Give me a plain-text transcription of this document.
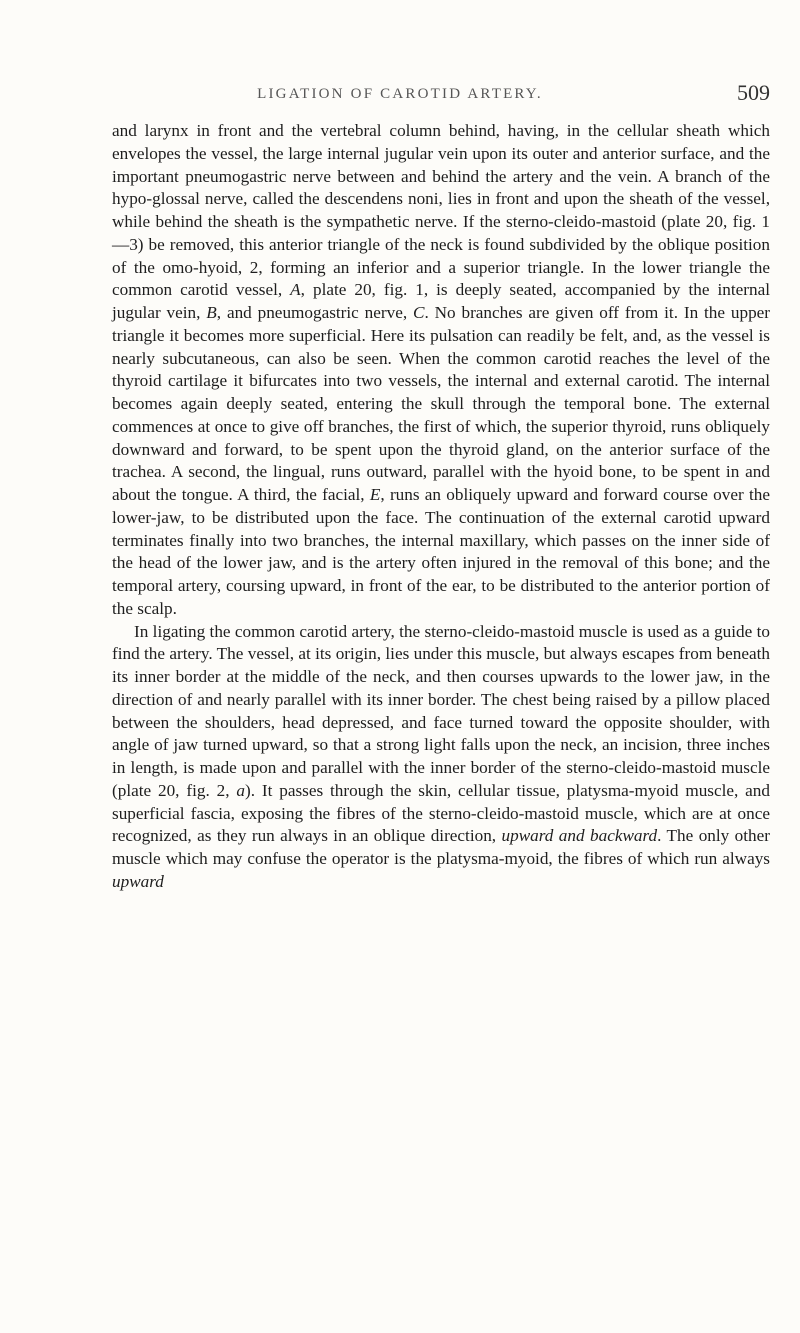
LIGATION OF CAROTID ARTERY.	509

and larynx in front and the vertebral column behind, having, in the cellular sheath which envelopes the vessel, the large internal jugular vein upon its outer and anterior surface, and the important pneumogastric nerve between and behind the artery and the vein. A branch of the hypo-glossal nerve, called the descendens noni, lies in front and upon the sheath of the vessel, while behind the sheath is the sympathetic nerve. If the sterno-cleido-mastoid (plate 20, fig. 1—3) be removed, this anterior triangle of the neck is found subdivided by the oblique position of the omo-hyoid, 2, forming an inferior and a superior triangle. In the lower triangle the common carotid vessel, A, plate 20, fig. 1, is deeply seated, accompanied by the internal jugular vein, B, and pneumogastric nerve, C. No branches are given off from it. In the upper triangle it becomes more superficial. Here its pulsation can readily be felt, and, as the vessel is nearly subcutaneous, can also be seen. When the common carotid reaches the level of the thyroid cartilage it bifurcates into two vessels, the internal and external carotid. The internal becomes again deeply seated, entering the skull through the temporal bone. The external commences at once to give off branches, the first of which, the superior thyroid, runs obliquely downward and forward, to be spent upon the thyroid gland, on the anterior surface of the trachea. A second, the lingual, runs outward, parallel with the hyoid bone, to be spent in and about the tongue. A third, the facial, E, runs an obliquely upward and forward course over the lower-jaw, to be distributed upon the face. The continuation of the external carotid upward terminates finally into two branches, the internal maxillary, which passes on the inner side of the head of the lower jaw, and is the artery often injured in the removal of this bone; and the temporal artery, coursing upward, in front of the ear, to be distributed to the anterior portion of the scalp.

In ligating the common carotid artery, the sterno-cleido-mastoid muscle is used as a guide to find the artery. The vessel, at its origin, lies under this muscle, but always escapes from beneath its inner border at the middle of the neck, and then courses upwards to the lower jaw, in the direction of and nearly parallel with its inner border. The chest being raised by a pillow placed between the shoulders, head depressed, and face turned toward the opposite shoulder, with angle of jaw turned upward, so that a strong light falls upon the neck, an incision, three inches in length, is made upon and parallel with the inner border of the sterno-cleido-mastoid muscle (plate 20, fig. 2, a). It passes through the skin, cellular tissue, platysma-myoid muscle, and superficial fascia, exposing the fibres of the sterno-cleido-mastoid muscle, which are at once recognized, as they run always in an oblique direction, upward and backward. The only other muscle which may confuse the operator is the platysma-myoid, the fibres of which run always upward
